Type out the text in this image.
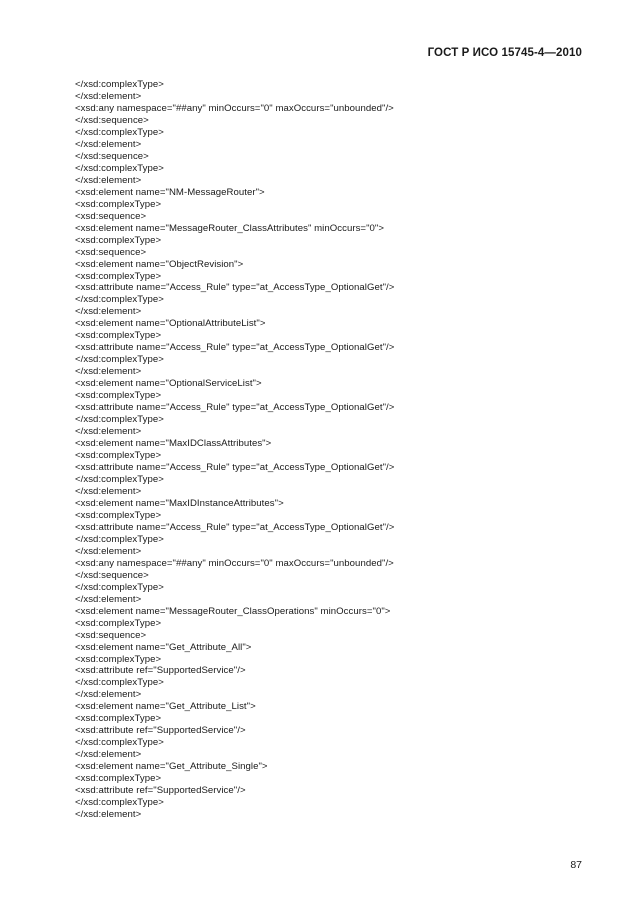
ГОСТ Р ИСО 15745-4—2010
</xsd:complexType>
</xsd:element>
<xsd:any namespace="##any" minOccurs="0" maxOccurs="unbounded"/>
</xsd:sequence>
</xsd:complexType>
</xsd:element>
</xsd:sequence>
</xsd:complexType>
</xsd:element>
<xsd:element name="NM-MessageRouter">
<xsd:complexType>
<xsd:sequence>
<xsd:element name="MessageRouter_ClassAttributes" minOccurs="0">
<xsd:complexType>
<xsd:sequence>
<xsd:element name="ObjectRevision">
<xsd:complexType>
<xsd:attribute name="Access_Rule" type="at_AccessType_OptionalGet"/>
</xsd:complexType>
</xsd:element>
<xsd:element name="OptionalAttributeList">
<xsd:complexType>
<xsd:attribute name="Access_Rule" type="at_AccessType_OptionalGet"/>
</xsd:complexType>
</xsd:element>
<xsd:element name="OptionalServiceList">
<xsd:complexType>
<xsd:attribute name="Access_Rule" type="at_AccessType_OptionalGet"/>
</xsd:complexType>
</xsd:element>
<xsd:element name="MaxIDClassAttributes">
<xsd:complexType>
<xsd:attribute name="Access_Rule" type="at_AccessType_OptionalGet"/>
</xsd:complexType>
</xsd:element>
<xsd:element name="MaxIDInstanceAttributes">
<xsd:complexType>
<xsd:attribute name="Access_Rule" type="at_AccessType_OptionalGet"/>
</xsd:complexType>
</xsd:element>
<xsd:any namespace="##any" minOccurs="0" maxOccurs="unbounded"/>
</xsd:sequence>
</xsd:complexType>
</xsd:element>
<xsd:element name="MessageRouter_ClassOperations" minOccurs="0">
<xsd:complexType>
<xsd:sequence>
<xsd:element name="Get_Attribute_All">
<xsd:complexType>
<xsd:attribute ref="SupportedService"/>
</xsd:complexType>
</xsd:element>
<xsd:element name="Get_Attribute_List">
<xsd:complexType>
<xsd:attribute ref="SupportedService"/>
</xsd:complexType>
</xsd:element>
<xsd:element name="Get_Attribute_Single">
<xsd:complexType>
<xsd:attribute ref="SupportedService"/>
</xsd:complexType>
</xsd:element>
87
